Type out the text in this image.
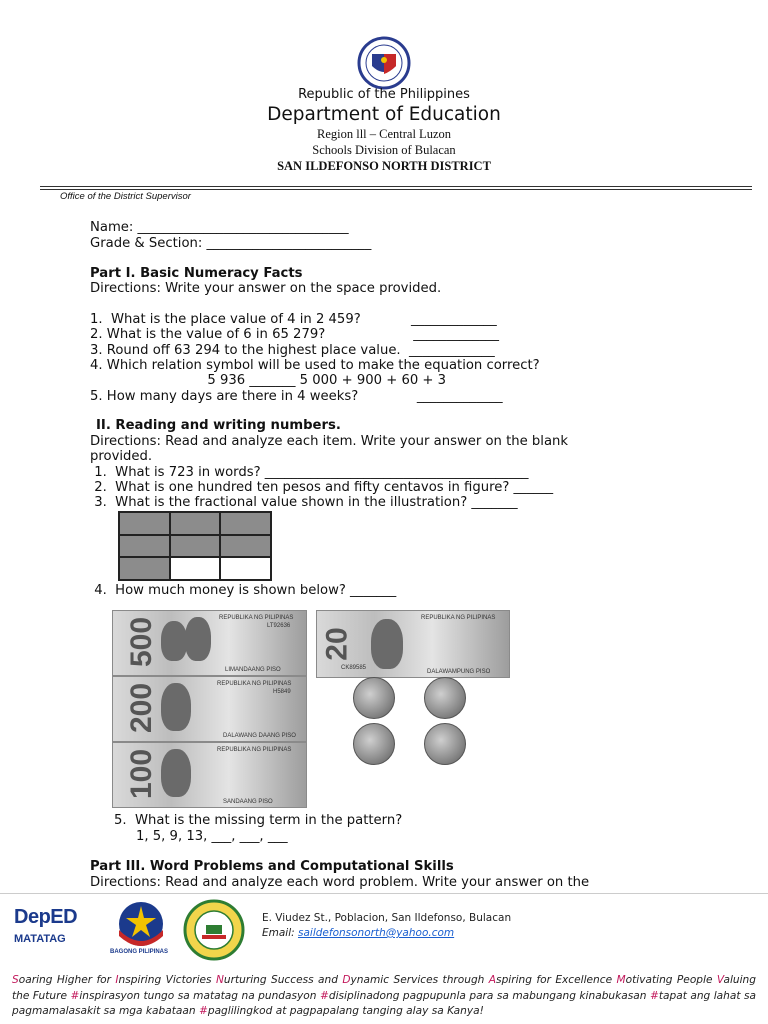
Republic of the Philippines
Department of Education
Region lll – Central Luzon
Schools Division of Bulacan
SAN ILDEFONSO NORTH DISTRICT
Office of the District Supervisor
Name: ________________________________
Grade & Section: _________________________
Part I. Basic Numeracy Facts
Directions: Write your answer on the space provided.
1.  What is the place value of 4 in 2 459?            _____________
2. What is the value of 6 in 65 279?                     _____________
3. Round off 63 294 to the highest place value.  _____________
4. Which relation symbol will be used to make the equation correct?
5 936 _______ 5 000 + 900 + 60 + 3
5. How many days are there in 4 weeks?              _____________
II. Reading and writing numbers.
Directions: Read and analyze each item. Write your answer on the blank
provided.
1.  What is 723 in words? ________________________________________
2.  What is one hundred ten pesos and fifty centavos in figure? ______
3.  What is the fractional value shown in the illustration? _______
4.  How much money is shown below? _______
500	REPUBLIKA NG PILIPINAS
LT92636
LIMANDAANG PISO
200	REPUBLIKA NG PILIPINAS
H5849
DALAWANG DAANG PISO
100	REPUBLIKA NG PILIPINAS
SANDAANG PISO
20
REPUBLIKA NG PILIPINAS
CK89585
DALAWAMPUNG PISO
5.  What is the missing term in the pattern?
1, 5, 9, 13, ___, ___, ___
Part III. Word Problems and Computational Skills
Directions: Read and analyze each word problem. Write your answer on the
DepED
MATATAG
BAGONG PILIPINAS
E. Viudez St., Poblacion, San Ildefonso, Bulacan
Email: saildefonsonorth@yahoo.com
Soaring Higher for Inspiring Victories Nurturing Success and Dynamic Services through Aspiring for Excellence Motivating People Valuing the Future #inspirasyon tungo sa matatag na pundasyon #disiplinadong pagpupunla para sa mabungang kinabukasan #tapat ang lahat sa pagmamalasakit sa mga kabataan #paglilingkod at pagpapalang tanging alay sa Kanya!
